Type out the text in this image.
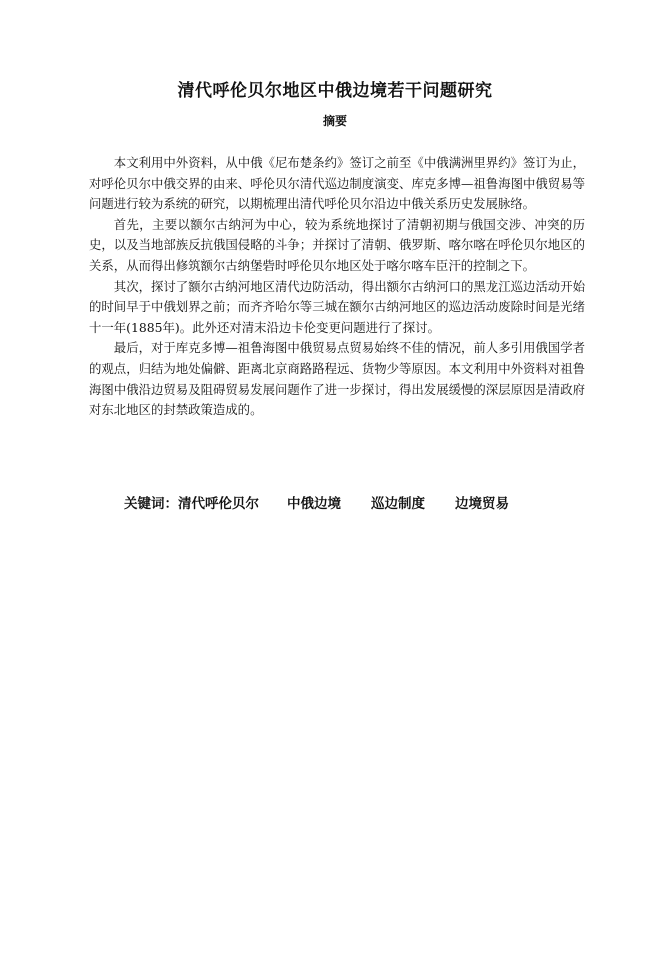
清代呼伦贝尔地区中俄边境若干问题研究
摘要

本文利用中外资料，从中俄《尼布楚条约》签订之前至《中俄满洲里界约》签订为止，对呼伦贝尔中俄交界的由来、呼伦贝尔清代巡边制度演变、库克多博—祖鲁海图中俄贸易等问题进行较为系统的研究，以期梳理出清代呼伦贝尔沿边中俄关系历史发展脉络。

首先，主要以额尔古纳河为中心，较为系统地探讨了清朝初期与俄国交涉、冲突的历史，以及当地部族反抗俄国侵略的斗争；并探讨了清朝、俄罗斯、喀尔喀在呼伦贝尔地区的关系，从而得出修筑额尔古纳堡砦时呼伦贝尔地区处于喀尔喀车臣汗的控制之下。

其次，探讨了额尔古纳河地区清代边防活动，得出额尔古纳河口的黑龙江巡边活动开始的时间早于中俄划界之前；而齐齐哈尔等三城在额尔古纳河地区的巡边活动废除时间是光绪十一年(1885年)。此外还对清末沿边卡伦变更问题进行了探讨。

最后，对于库克多博—祖鲁海图中俄贸易点贸易始终不佳的情况，前人多引用俄国学者的观点，归结为地处偏僻、距离北京商路路程远、货物少等原因。本文利用中外资料对祖鲁海图中俄沿边贸易及阻碍贸易发展问题作了进一步探讨，得出发展缓慢的深层原因是清政府对东北地区的封禁政策造成的。

关键词：清代呼伦贝尔 中俄边境 巡边制度 边境贸易
